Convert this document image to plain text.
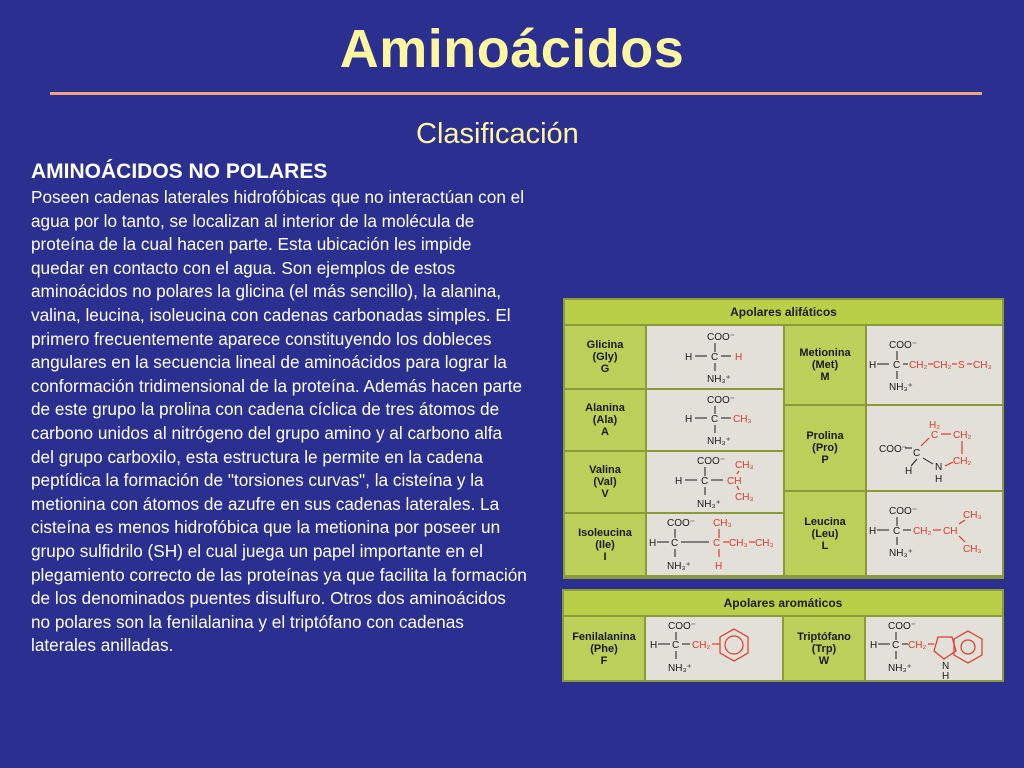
Aminoácidos
Clasificación
AMINOÁCIDOS NO POLARES
Poseen cadenas laterales hidrofóbicas que no interactúan con el agua por lo tanto, se localizan al interior de la molécula de proteína de la cual hacen parte. Esta ubicación les impide quedar en contacto con el agua. Son ejemplos de estos aminoácidos no polares la glicina (el más sencillo), la alanina, valina, leucina, isoleucina con cadenas carbonadas simples. El primero frecuentemente aparece constituyendo los dobleces angulares en la secuencia lineal de aminoácidos para lograr la conformación tridimensional de la proteína. Además hacen parte de este grupo la prolina con cadena cíclica de tres átomos de carbono unidos al nitrógeno del grupo amino y al carbono alfa del grupo carboxilo, esta estructura le permite en la cadena peptídica la formación de "torsiones curvas", la cisteína y la metionina con átomos de azufre en sus cadenas laterales. La cisteína es menos hidrofóbica que la metionina por poseer un grupo sulfidrilo (SH) el cual juega un papel importante en el plegamiento correcto de las proteínas ya que facilita la formación de los denominados puentes disulfuro. Otros dos aminoácidos no polares son la fenilalanina y el triptófano con cadenas laterales anilladas.
Apolares alifáticos
Glicina
(Gly)
G
COO⁻
H C H
NH₃⁺
Alanina
(Ala)
A
COO⁻
H C CH₃
NH₃⁺
Valina
(Val)
V
COO⁻ CH₃
H C CH
CH₃
NH₃⁺
Isoleucina
(Ile)
I
COO⁻ CH₃
H C	C CH₃ CH₃
NH₃⁺ H
Metionina
(Met)
M
COO⁻
H C CH₂ CH₂ S CH₃
NH₃⁺
Prolina
(Pro)
P
H₂
C CH₂
COO⁻ C
H N
H
CH₂
Leucina
(Leu)
L
COO⁻	CH₃
H C CH₂ CH
CH₃
NH₃⁺
Apolares aromáticos
Fenilalanina
(Phe)
F
COO⁻
H C CH₂
NH₃⁺
Triptófano
(Trp)
W
COO⁻
H C CH₂
N
H
NH₃⁺
